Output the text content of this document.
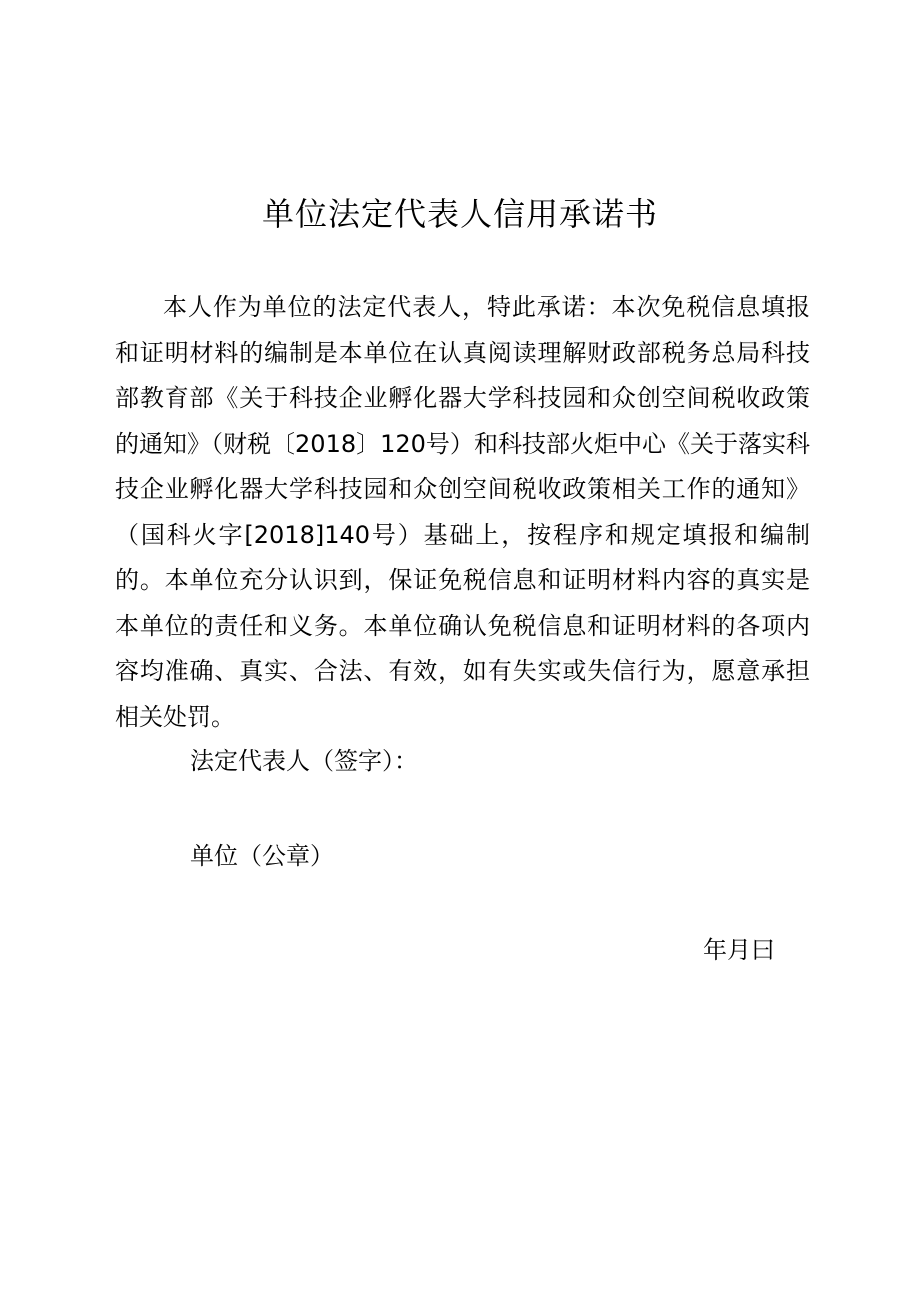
单位法定代表人信用承诺书

本人作为单位的法定代表人，特此承诺：本次免税信息填报和证明材料的编制是本单位在认真阅读理解财政部税务总局科技部教育部《关于科技企业孵化器大学科技园和众创空间税收政策的通知》（财税〔2018〕120号）和科技部火炬中心《关于落实科技企业孵化器大学科技园和众创空间税收政策相关工作的通知》（国科火字[2018]140号）基础上，按程序和规定填报和编制的。本单位充分认识到，保证免税信息和证明材料内容的真实是本单位的责任和义务。本单位确认免税信息和证明材料的各项内容均准确、真实、合法、有效，如有失实或失信行为，愿意承担相关处罚。

法定代表人（签字）：
单位（公章）
年月曰
